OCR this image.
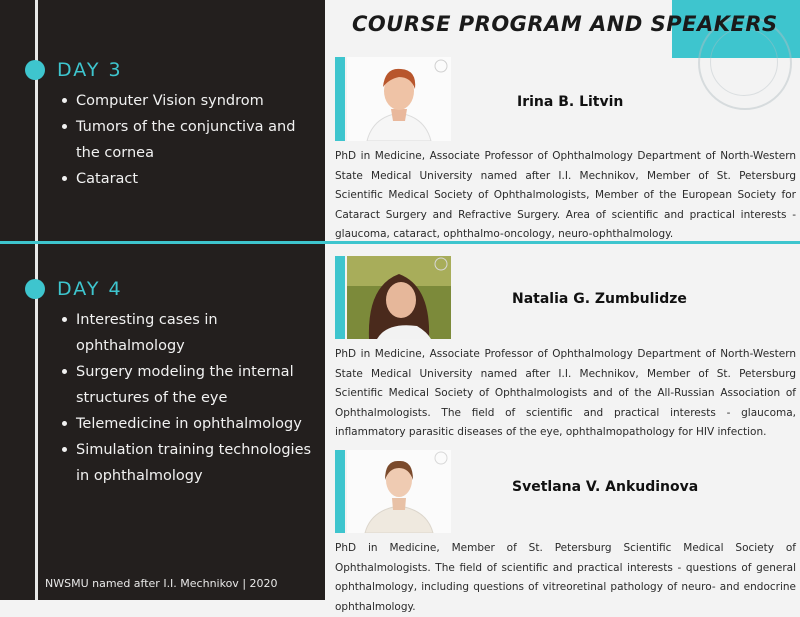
DAY 3
Computer Vision syndrom
Tumors of the conjunctiva and the cornea
Cataract
DAY 4
Interesting cases in ophthalmology
Surgery modeling the internal structures of the eye
Telemedicine in ophthalmology
Simulation training technologies in ophthalmology
NWSMU named after I.I. Mechnikov | 2020
COURSE PROGRAM AND SPEAKERS
Irina B. Litvin

PhD in Medicine, Associate Professor of Ophthalmology Department of North-Western State Medical University named after I.I. Mechnikov, Member of St. Petersburg Scientific Medical Society of Ophthalmologists, Member of the European Society for Cataract Surgery and Refractive Surgery. Area of scientific and practical interests - glaucoma, cataract, ophthalmo-oncology, neuro-ophthalmology.

Natalia G. Zumbulidze

PhD in Medicine, Associate Professor of Ophthalmology Department of North-Western State Medical University named after I.I. Mechnikov, Member of St. Petersburg Scientific Medical Society of Ophthalmologists and of the All-Russian Association of Ophthalmologists. The field of scientific and practical interests - glaucoma, inflammatory parasitic diseases of the eye, ophthalmopathology for HIV infection.

Svetlana V. Ankudinova

PhD in Medicine, Member of St. Petersburg Scientific Medical Society of Ophthalmologists. The field of scientific and practical interests - questions of general ophthalmology, including questions of vitreoretinal pathology of neuro- and endocrine ophthalmology.
